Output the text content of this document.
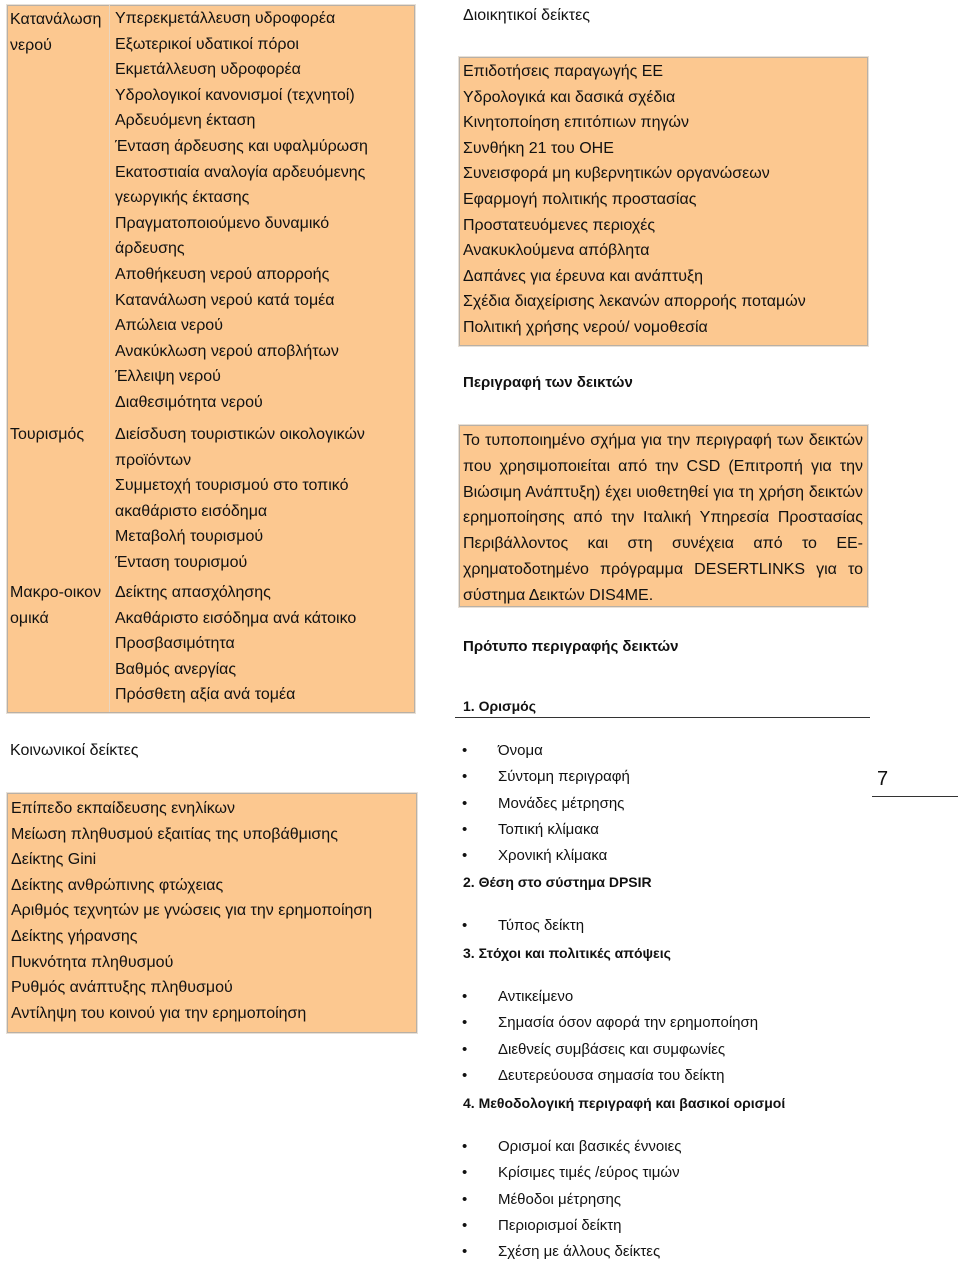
Κατανάλωση νερού
Υπερεκμετάλλευση υδροφορέα
Εξωτερικοί υδατικοί πόροι
Εκμετάλλευση υδροφορέα
Υδρολογικοί κανονισμοί (τεχνητοί)
Αρδευόμενη έκταση
Ένταση άρδευσης και υφαλμύρωση
Εκατοστιαία αναλογία αρδευόμενης
γεωργικής έκτασης
Πραγματοποιούμενο δυναμικό
άρδευσης
Αποθήκευση νερού απορροής
Κατανάλωση νερού κατά τομέα
Απώλεια νερού
Ανακύκλωση νερού αποβλήτων
Έλλειψη νερού
Διαθεσιμότητα νερού
Τουρισμός	Διείσδυση τουριστικών οικολογικών
προϊόντων
Συμμετοχή τουρισμού στο τοπικό
ακαθάριστο εισόδημα
Μεταβολή τουρισμού
Ένταση τουρισμού
Μακρο-οικονομικά
Δείκτης απασχόλησης
Ακαθάριστο εισόδημα ανά κάτοικο
Προσβασιμότητα
Βαθμός ανεργίας
Πρόσθετη αξία ανά τομέα
Κοινωνικοί δείκτες
Επίπεδο εκπαίδευσης ενηλίκων
Μείωση πληθυσμού εξαιτίας της υποβάθμισης
Δείκτης Gini
Δείκτης ανθρώπινης φτώχειας
Αριθμός τεχνητών με γνώσεις για την ερημοποίηση
Δείκτης γήρανσης
Πυκνότητα πληθυσμού
Ρυθμός ανάπτυξης πληθυσμού
Αντίληψη του κοινού για την ερημοποίηση
Διοικητικοί δείκτες
Επιδοτήσεις παραγωγής ΕΕ
Υδρολογικά και δασικά σχέδια
Κινητοποίηση επιτόπιων πηγών
Συνθήκη 21 του ΟΗΕ
Συνεισφορά μη κυβερνητικών οργανώσεων
Εφαρμογή πολιτικής προστασίας
Προστατευόμενες περιοχές
Ανακυκλούμενα απόβλητα
Δαπάνες για έρευνα και ανάπτυξη
Σχέδια διαχείρισης λεκανών απορροής ποταμών
Πολιτική χρήσης νερού/ νομοθεσία
Περιγραφή των δεικτών
Το τυποποιημένο σχήμα για την περιγραφή των δεικτών που χρησιμοποιείται από την CSD (Επιτροπή για την Βιώσιμη Ανάπτυξη) έχει υιοθετηθεί για τη χρήση δεικτών ερημοποίησης από την Ιταλική Υπηρεσία Προστασίας Περιβάλλοντος και στη συνέχεια από το ΕΕ-χρηματοδοτημένο πρόγραμμα DESERTLINKS για το σύστημα Δεικτών DIS4ME.
Πρότυπο περιγραφής δεικτών
1. Ορισμός
• Όνομα
• Σύντομη περιγραφή
• Μονάδες μέτρησης
• Τοπική κλίμακα
• Χρονική κλίμακα
2. Θέση στο σύστημα DPSIR
• Τύπος δείκτη
3. Στόχοι και πολιτικές απόψεις
• Αντικείμενο
• Σημασία όσον αφορά την ερημοποίηση
• Διεθνείς συμβάσεις και συμφωνίες
• Δευτερεύουσα σημασία του δείκτη
4. Μεθοδολογική περιγραφή και βασικοί ορισμοί
• Ορισμοί και βασικές έννοιες
• Κρίσιμες τιμές /εύρος τιμών
• Μέθοδοι μέτρησης
• Περιορισμοί δείκτη
• Σχέση με άλλους δείκτες
7
